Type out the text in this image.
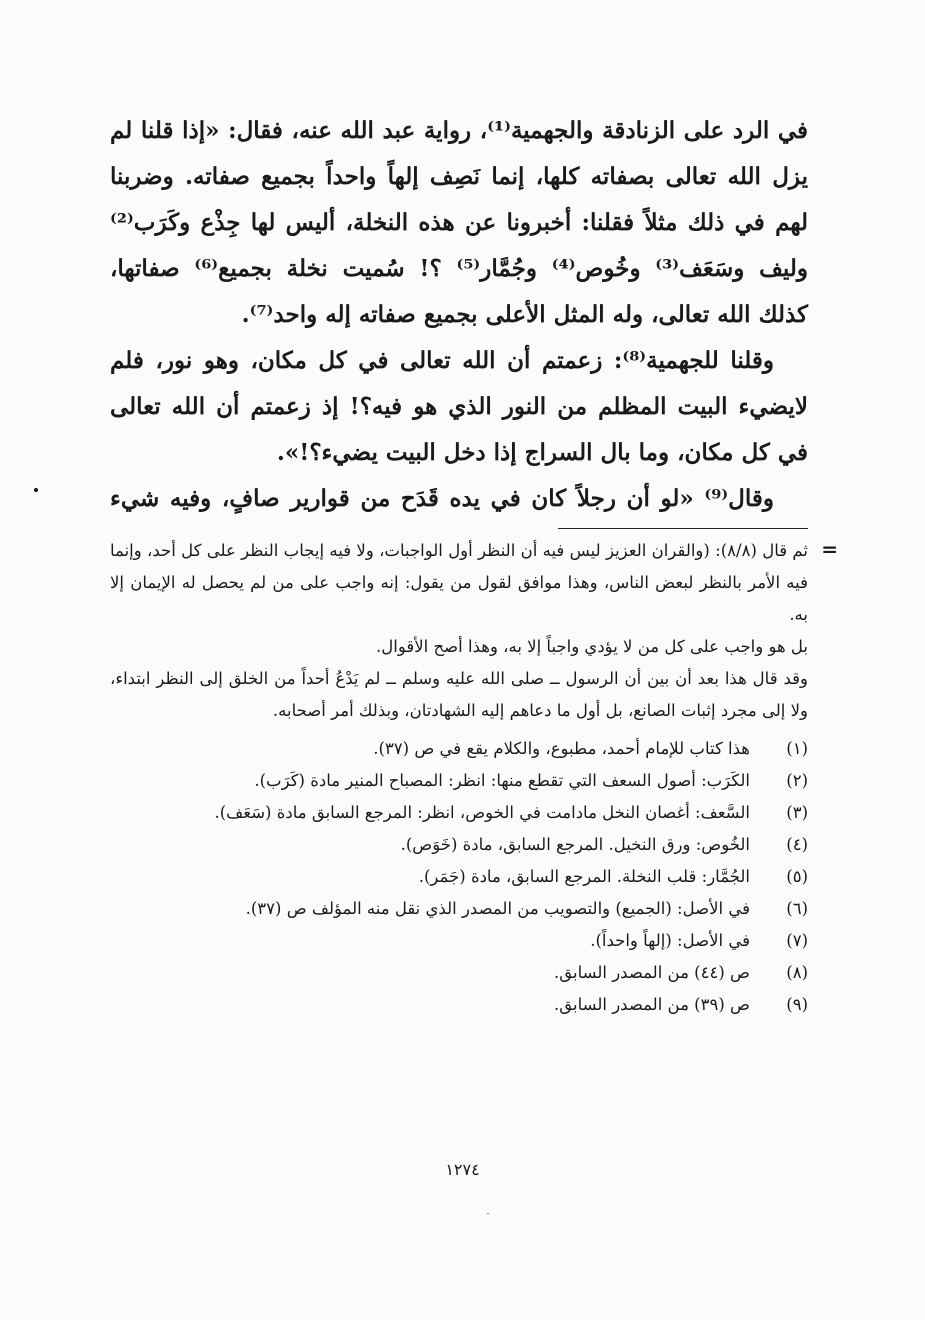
في الرد على الزنادقة والجهمية⁽¹⁾، رواية عبد الله عنه، فقال: «إذا قلنا لم يزل الله تعالى بصفاته كلها، إنما نَصِف إلهاً واحداً بجميع صفاته. وضربنا لهم في ذلك مثلاً فقلنا: أخبرونا عن هذه النخلة، أليس لها جِذْع وكَرَب⁽²⁾ وليف وسَعَف⁽³⁾ وخُوص⁽⁴⁾ وجُمَّار⁽⁵⁾ ؟! سُميت نخلة بجميع⁽⁶⁾ صفاتها، كذلك الله تعالى، وله المثل الأعلى بجميع صفاته إله واحد⁽⁷⁾.

وقلنا للجهمية⁽⁸⁾: زعمتم أن الله تعالى في كل مكان، وهو نور، فلم لايضيء البيت المظلم من النور الذي هو فيه؟! إذ زعمتم أن الله تعالى في كل مكان، وما بال السراج إذا دخل البيت يضيء؟!».

وقال⁽⁹⁾ «لو أن رجلاً كان في يده قَدَح من قوارير صافٍ، وفيه شيء

=

ثم قال (٨/٨): (والقران العزيز ليس فيه أن النظر أول الواجبات، ولا فيه إيجاب النظر على كل أحد، وإنما فيه الأمر بالنظر لبعض الناس، وهذا موافق لقول من يقول: إنه واجب على من لم يحصل له الإيمان إلا به.

بل هو واجب على كل من لا يؤدي واجباً إلا به، وهذا أصح الأقوال.

وقد قال هذا بعد أن بين أن الرسول ــ صلى الله عليه وسلم ــ لم يَدْعُ أحداً من الخلق إلى النظر ابتداء، ولا إلى مجرد إثبات الصانع، بل أول ما دعاهم إليه الشهادتان، وبذلك أمر أصحابه.

(١)
هذا كتاب للإمام أحمد، مطبوع، والكلام يقع في ص (٣٧).
(٢)
الكَرَب: أصول السعف التي تقطع منها: انظر: المصباح المنير مادة (كَرَب).
(٣)
السَّعف: أغصان النخل مادامت في الخوص، انظر: المرجع السابق مادة (سَعَف).
(٤)
الخُوص: ورق النخيل. المرجع السابق، مادة (خَوَص).
(٥)
الجُمَّار: قلب النخلة. المرجع السابق، مادة (جَمَر).
(٦)
في الأصل: (الجميع) والتصويب من المصدر الذي نقل منه المؤلف ص (٣٧).
(٧)
في الأصل: (إلهاً واحداً).
(٨)
ص (٤٤) من المصدر السابق.
(٩)
ص (٣٩) من المصدر السابق.
١٢٧٤
